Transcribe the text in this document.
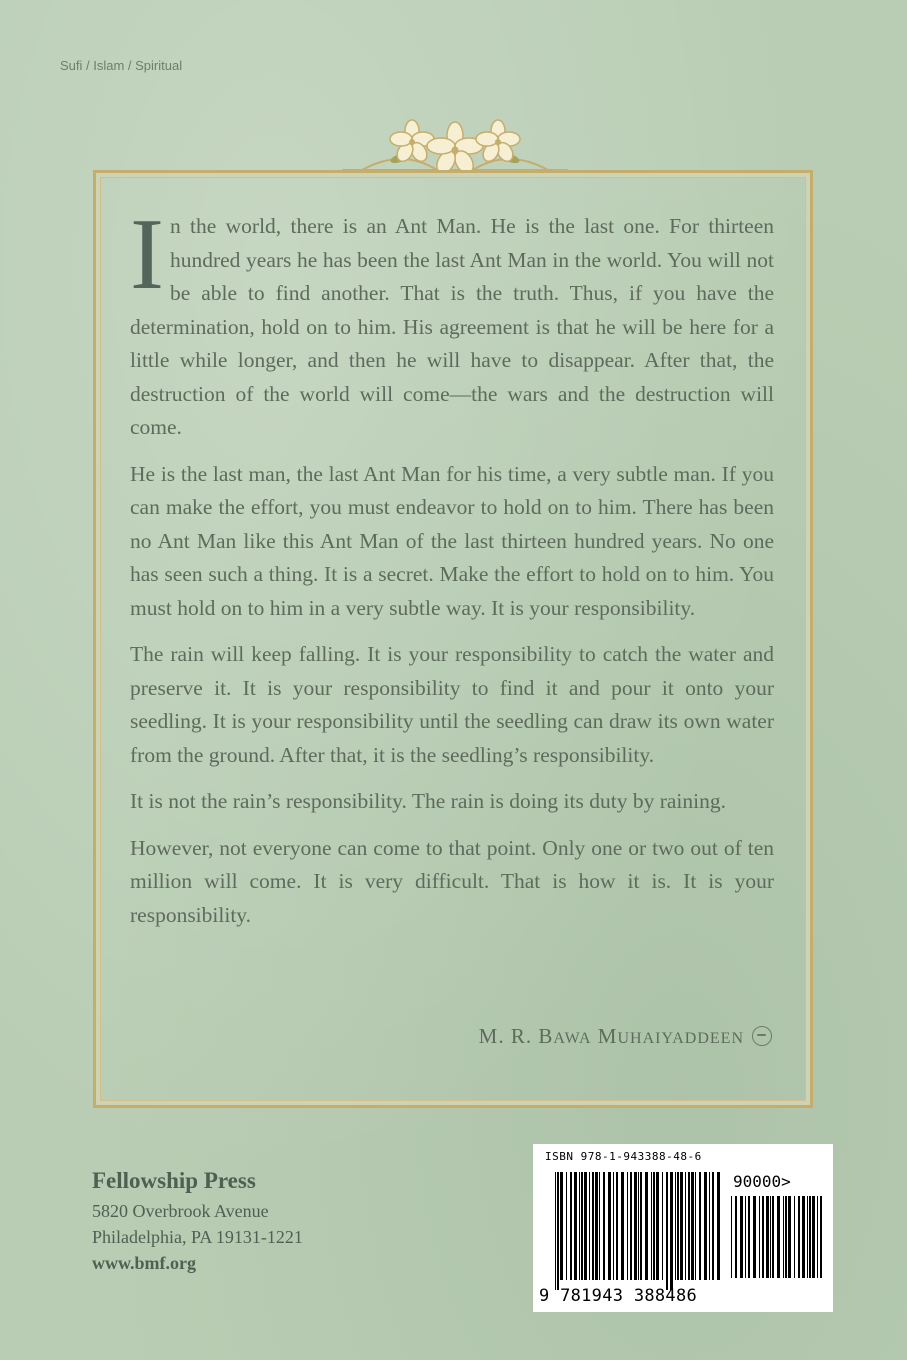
Sufi / Islam / Spiritual

In the world, there is an Ant Man. He is the last one. For thirteen hundred years he has been the last Ant Man in the world. You will not be able to find another. That is the truth. Thus, if you have the determination, hold on to him. His agreement is that he will be here for a little while longer, and then he will have to disappear. After that, the destruction of the world will come—the wars and the destruction will come.

He is the last man, the last Ant Man for his time, a very subtle man. If you can make the effort, you must endeavor to hold on to him. There has been no Ant Man like this Ant Man of the last thirteen hundred years. No one has seen such a thing. It is a secret. Make the effort to hold on to him. You must hold on to him in a very subtle way. It is your responsibility.

The rain will keep falling. It is your responsibility to catch the water and preserve it. It is your responsibility to find it and pour it onto your seedling. It is your responsibility until the seedling can draw its own water from the ground. After that, it is the seedling’s responsibility.

It is not the rain’s responsibility. The rain is doing its duty by raining.

However, not everyone can come to that point. Only one or two out of ten million will come. It is very difficult. That is how it is. It is your responsibility.

M. R. BAWA MUHAIYADDEEN
Fellowship Press
5820 Overbrook Avenue
Philadelphia, PA 19131-1221
www.bmf.org
ISBN 978-1-943388-48-6
90000>
9 781943 388486
